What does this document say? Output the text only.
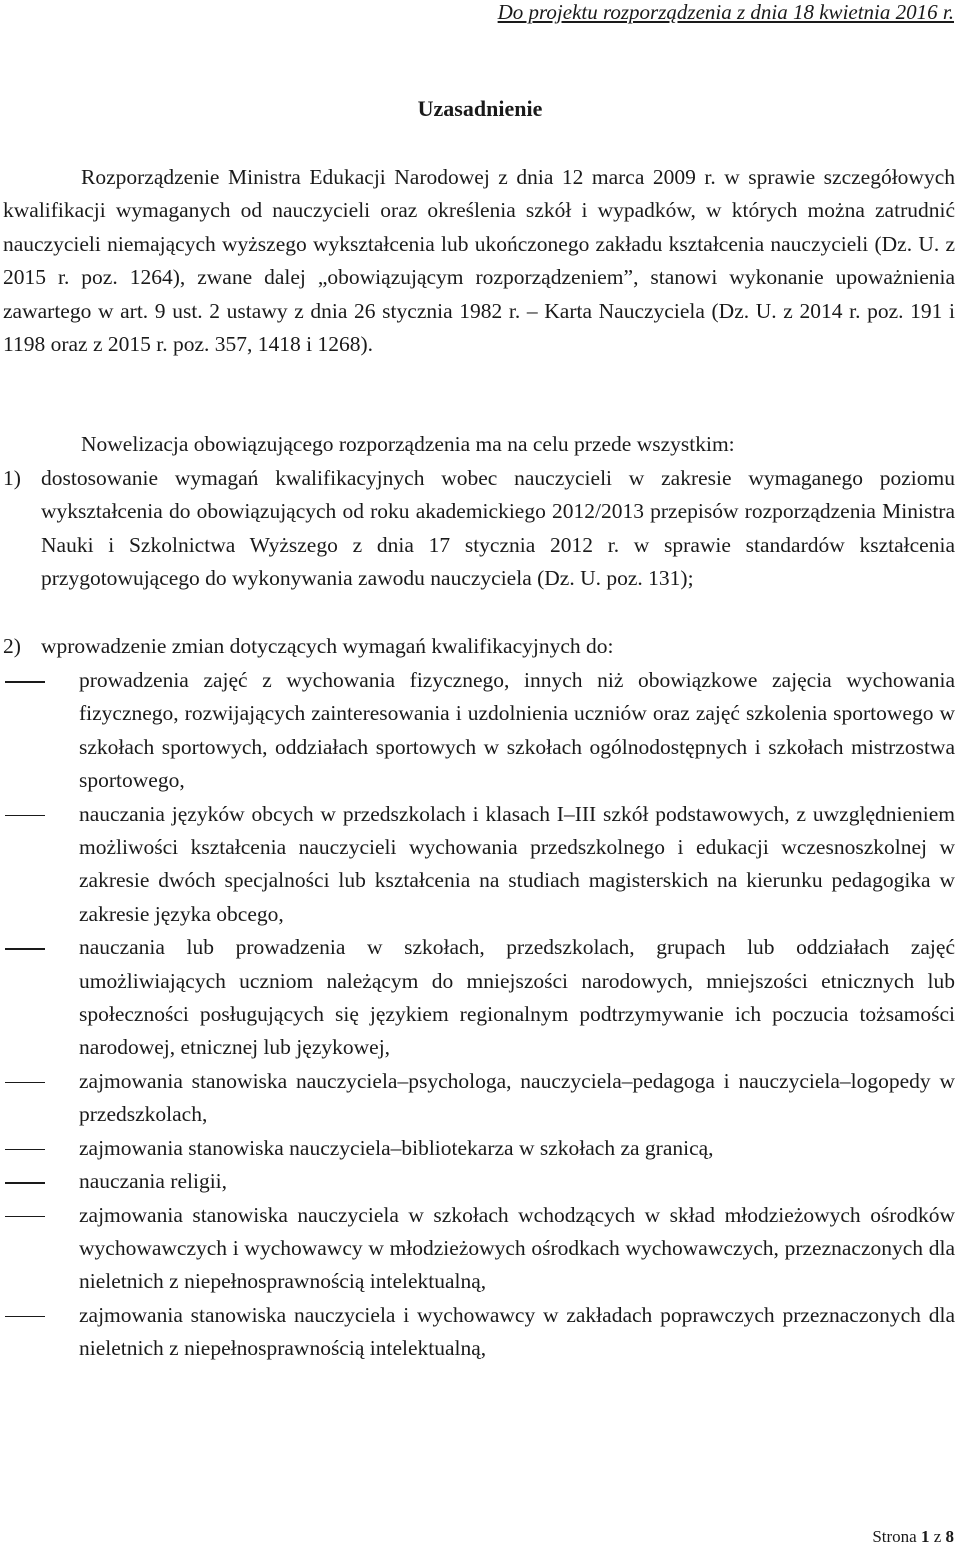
Do projektu rozporządzenia z dnia 18 kwietnia 2016 r.
Uzasadnienie

Rozporządzenie Ministra Edukacji Narodowej z dnia 12 marca 2009 r. w sprawie szczegółowych kwalifikacji wymaganych od nauczycieli oraz określenia szkół i wypadków, w których można zatrudnić nauczycieli niemających wyższego wykształcenia lub ukończonego zakładu kształcenia nauczycieli (Dz. U. z 2015 r. poz. 1264), zwane dalej „obowiązującym rozporządzeniem”, stanowi wykonanie upoważnienia zawartego w art. 9 ust. 2 ustawy z dnia 26 stycznia 1982 r. – Karta Nauczyciela (Dz. U. z 2014 r. poz. 191 i 1198 oraz z 2015 r. poz. 357, 1418 i 1268).

Nowelizacja obowiązującego rozporządzenia ma na celu przede wszystkim:

1) dostosowanie wymagań kwalifikacyjnych wobec nauczycieli w zakresie wymaganego poziomu wykształcenia do obowiązujących od roku akademickiego 2012/2013 przepisów rozporządzenia Ministra Nauki i Szkolnictwa Wyższego z dnia 17 stycznia 2012 r. w sprawie standardów kształcenia przygotowującego do wykonywania zawodu nauczyciela (Dz. U. poz. 131);

2) wprowadzenie zmian dotyczących wymagań kwalifikacyjnych do:

prowadzenia zajęć z wychowania fizycznego, innych niż obowiązkowe zajęcia wychowania fizycznego, rozwijających zainteresowania i uzdolnienia uczniów oraz zajęć szkolenia sportowego w szkołach sportowych, oddziałach sportowych w szkołach ogólnodostępnych i szkołach mistrzostwa sportowego,

nauczania języków obcych w przedszkolach i klasach I–III szkół podstawowych, z uwzględnieniem możliwości kształcenia nauczycieli wychowania przedszkolnego i edukacji wczesnoszkolnej w zakresie dwóch specjalności lub kształcenia na studiach magisterskich na kierunku pedagogika w zakresie języka obcego,

nauczania lub prowadzenia w szkołach, przedszkolach, grupach lub oddziałach zajęć umożliwiających uczniom należącym do mniejszości narodowych, mniejszości etnicznych lub społeczności posługujących się językiem regionalnym podtrzymywanie ich poczucia tożsamości narodowej, etnicznej lub językowej,

zajmowania stanowiska nauczyciela–psychologa, nauczyciela–pedagoga i nauczyciela–logopedy w przedszkolach,

zajmowania stanowiska nauczyciela–bibliotekarza w szkołach za granicą,

nauczania religii,

zajmowania stanowiska nauczyciela w szkołach wchodzących w skład młodzieżowych ośrodków wychowawczych i wychowawcy w młodzieżowych ośrodkach wychowawczych, przeznaczonych dla nieletnich z niepełnosprawnością intelektualną,

zajmowania stanowiska nauczyciela i wychowawcy w zakładach poprawczych przeznaczonych dla nieletnich z niepełnosprawnością intelektualną,

Strona 1 z 8
